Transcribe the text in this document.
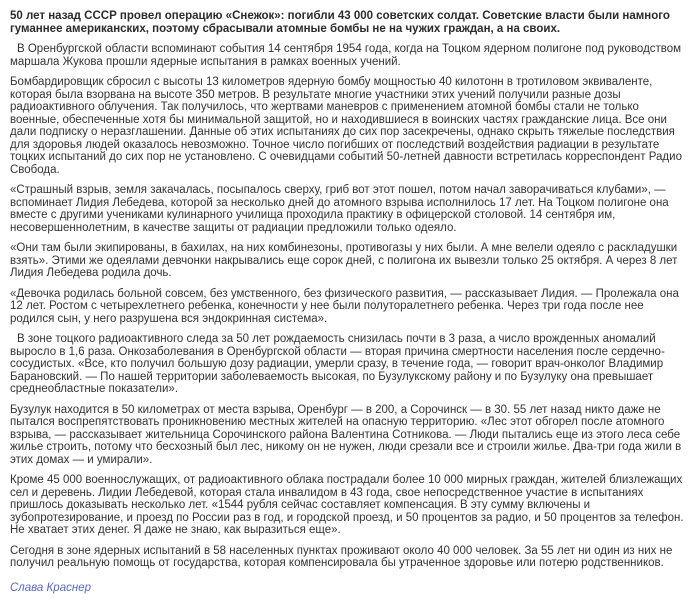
50 лет назад СССР провел операцию «Снежок»: погибли 43 000 советских солдат. Советские власти были намного гуманнее американских, поэтому сбрасывали атомные бомбы не на чужих граждан, а на своих.

В Оренбургской области вспоминают события 14 сентября 1954 года, когда на Тоцком ядерном полигоне под руководством маршала Жукова прошли ядерные испытания в рамках военных учений.

Бомбардировщик сбросил с высоты 13 километров ядерную бомбу мощностью 40 килотонн в тротиловом эквиваленте, которая была взорвана на высоте 350 метров. В результате многие участники этих учений получили разные дозы радиоактивного облучения. Так получилось, что жертвами маневров с применением атомной бомбы стали не только военные, обеспеченные хотя бы минимальной защитой, но и находившиеся в воинских частях гражданские лица. Все они дали подписку о неразглашении. Данные об этих испытаниях до сих пор засекречены, однако скрыть тяжелые последствия для здоровья людей оказалось невозможно. Точное число погибших от последствий воздействия радиации в результате тоцких испытаний до сих пор не установлено. С очевидцами событий 50-летней давности встретилась корреспондент Радио Свобода.

«Страшный взрыв, земля закачалась, посыпалось сверху, гриб вот этот пошел, потом начал заворачиваться клубами», — вспоминает Лидия Лебедева, которой за несколько дней до атомного взрыва исполнилось 17 лет. На Тоцком полигоне она вместе с другими учениками кулинарного училища проходила практику в офицерской столовой. 14 сентября им, несовершеннолетним, в качестве защиты от радиации предложили только одеяло.

«Они там были экипированы, в бахилах, на них комбинезоны, противогазы у них были. А мне велели одеяло с раскладушки взять». Этими же одеялами девчонки накрывались еще сорок дней, с полигона их вывезли только 25 октября. А через 8 лет Лидия Лебедева родила дочь.

«Девочка родилась больной совсем, без умственного, без физического развития, — рассказывает Лидия. — Пролежала она 12 лет. Ростом с четырехлетнего ребенка, конечности у нее были полуторалетнего ребенка. Через три года после нее родился сын, у него разрушена вся эндокринная система».

В зоне тоцкого радиоактивного следа за 50 лет рождаемость снизилась почти в 3 раза, а число врожденных аномалий выросло в 1,6 раза. Онкозаболевания в Оренбургской области — вторая причина смертности населения после сердечно-сосудистых. «Все, кто получил большую дозу радиации, умерли сразу, в течение года, — говорит врач-онколог Владимир Барановский. — По нашей территории заболеваемость высокая, по Бузулукскому району и по Бузулуку она превышает среднеобластные показатели».

Бузулук находится в 50 километрах от места взрыва, Оренбург — в 200, а Сорочинск — в 30. 55 лет назад никто даже не пытался воспрепятствовать проникновению местных жителей на опасную территорию. «Лес этот обгорел после атомного взрыва, — рассказывает жительница Сорочинского района Валентина Сотникова. — Люди пытались еще из этого леса себе жилье строить, потому что бесхозный был лес, никому он не нужен, люди срезали все и строили жилье. Два-три года жили в этих домах — и умирали».

Кроме 45 000 военнослужащих, от радиоактивного облака пострадали более 10 000 мирных граждан, жителей близлежащих сел и деревень. Лидии Лебедевой, которая стала инвалидом в 43 года, свое непосредственное участие в испытаниях пришлось доказывать несколько лет. «1544 рубля сейчас составляет компенсация. В эту сумму включены и зубопротезирование, и проезд по России раз в год, и городской проезд, и 50 процентов за радио, и 50 процентов за телефон. Не хватает этих денег. Я даже не знаю, как выразиться еще».

Сегодня в зоне ядерных испытаний в 58 населенных пунктах проживают около 40 000 человек. За 55 лет ни один из них не получил реальную помощь от государства, которая компенсировала бы утраченное здоровье или потерю родственников.

Слава Краснер
